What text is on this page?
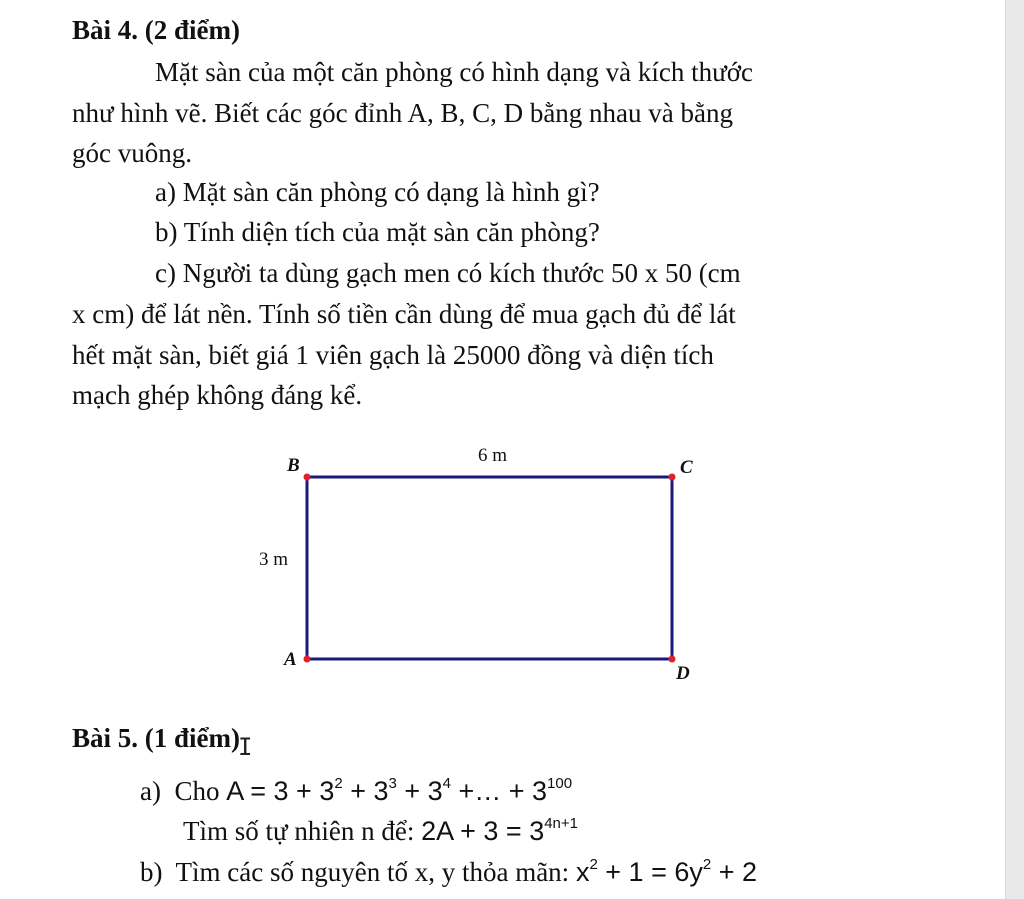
Bài 4. (2 điểm)
Mặt sàn của một căn phòng có hình dạng và kích thước
như hình vẽ. Biết các góc đỉnh A, B, C, D bằng nhau và bằng
góc vuông.
a) Mặt sàn căn phòng có dạng là hình gì?
b) Tính diện tích của mặt sàn căn phòng?
c) Người ta dùng gạch men có kích thước 50 x 50 (cm
x cm) để lát nền. Tính số tiền cần dùng để mua gạch đủ để lát
hết mặt sàn, biết giá 1 viên gạch là 25000 đồng và diện tích
mạch ghép không đáng kể.
B	C
A
D
6 m
3 m
Bài 5. (1 điểm)
I
a) Cho $A = 3 + 3^2 + 3^3 + 3^4$ +… + $3^{100}$
Tìm số tự nhiên n để: $2A + 3 = 3^{4n+1}$
b) Tìm các số nguyên tố x, y thỏa mãn: $x^2 + 1 = 6y^2 + 2$
